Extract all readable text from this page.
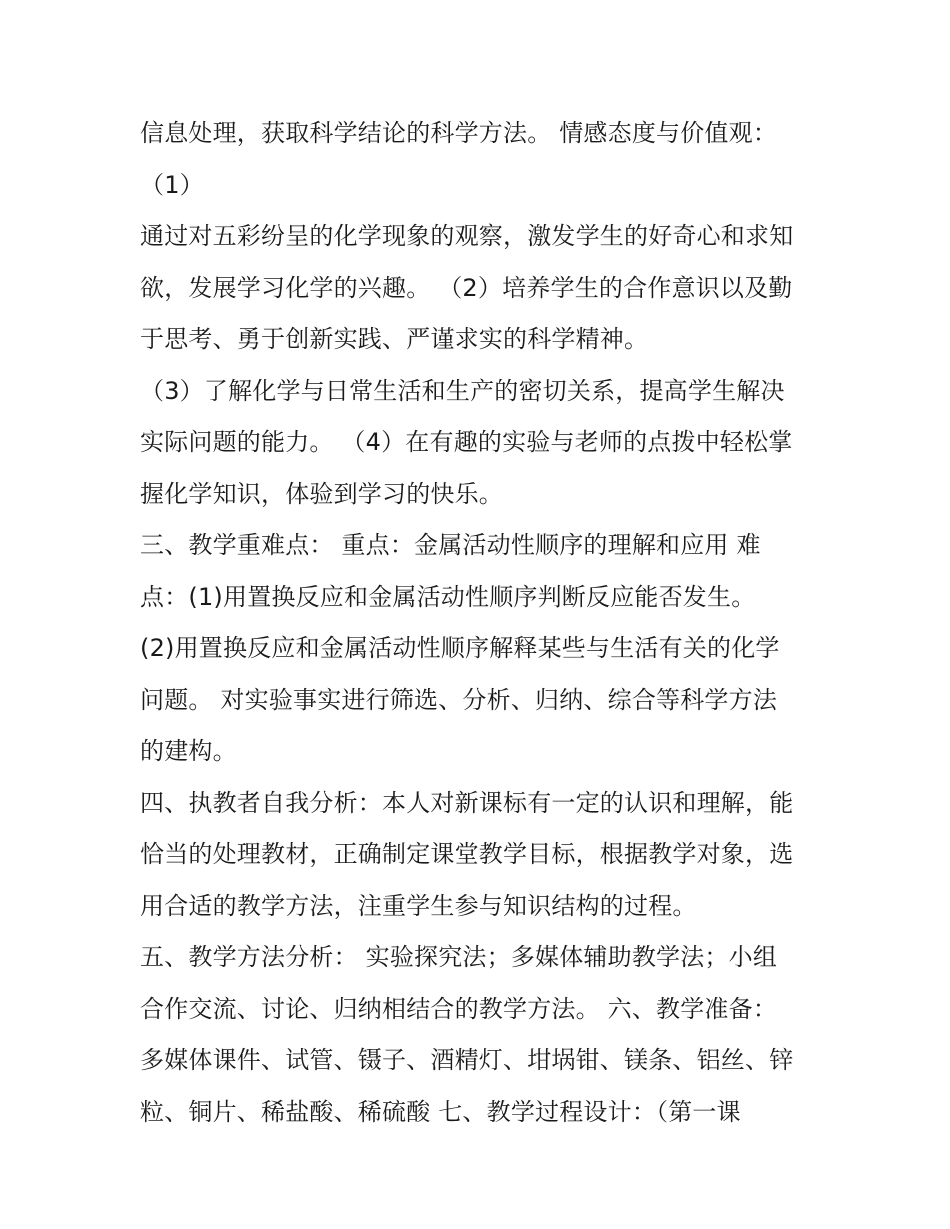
信息处理，获取科学结论的科学方法。 情感态度与价值观：
（1）
通过对五彩纷呈的化学现象的观察，激发学生的好奇心和求知
欲，发展学习化学的兴趣。 （2）培养学生的合作意识以及勤
于思考、勇于创新实践、严谨求实的科学精神。
（3）了解化学与日常生活和生产的密切关系，提高学生解决
实际问题的能力。 （4）在有趣的实验与老师的点拨中轻松掌
握化学知识，体验到学习的快乐。
三、教学重难点： 重点：金属活动性顺序的理解和应用 难
点：(1)用置换反应和金属活动性顺序判断反应能否发生。
(2)用置换反应和金属活动性顺序解释某些与生活有关的化学
问题。 对实验事实进行筛选、分析、归纳、综合等科学方法
的建构。
四、执教者自我分析：本人对新课标有一定的认识和理解，能
恰当的处理教材，正确制定课堂教学目标，根据教学对象，选
用合适的教学方法，注重学生参与知识结构的过程。
五、教学方法分析： 实验探究法；多媒体辅助教学法；小组
合作交流、讨论、归纳相结合的教学方法。 六、教学准备：
多媒体课件、试管、镊子、酒精灯、坩埚钳、镁条、铝丝、锌
粒、铜片、稀盐酸、稀硫酸 七、教学过程设计：（第一课
